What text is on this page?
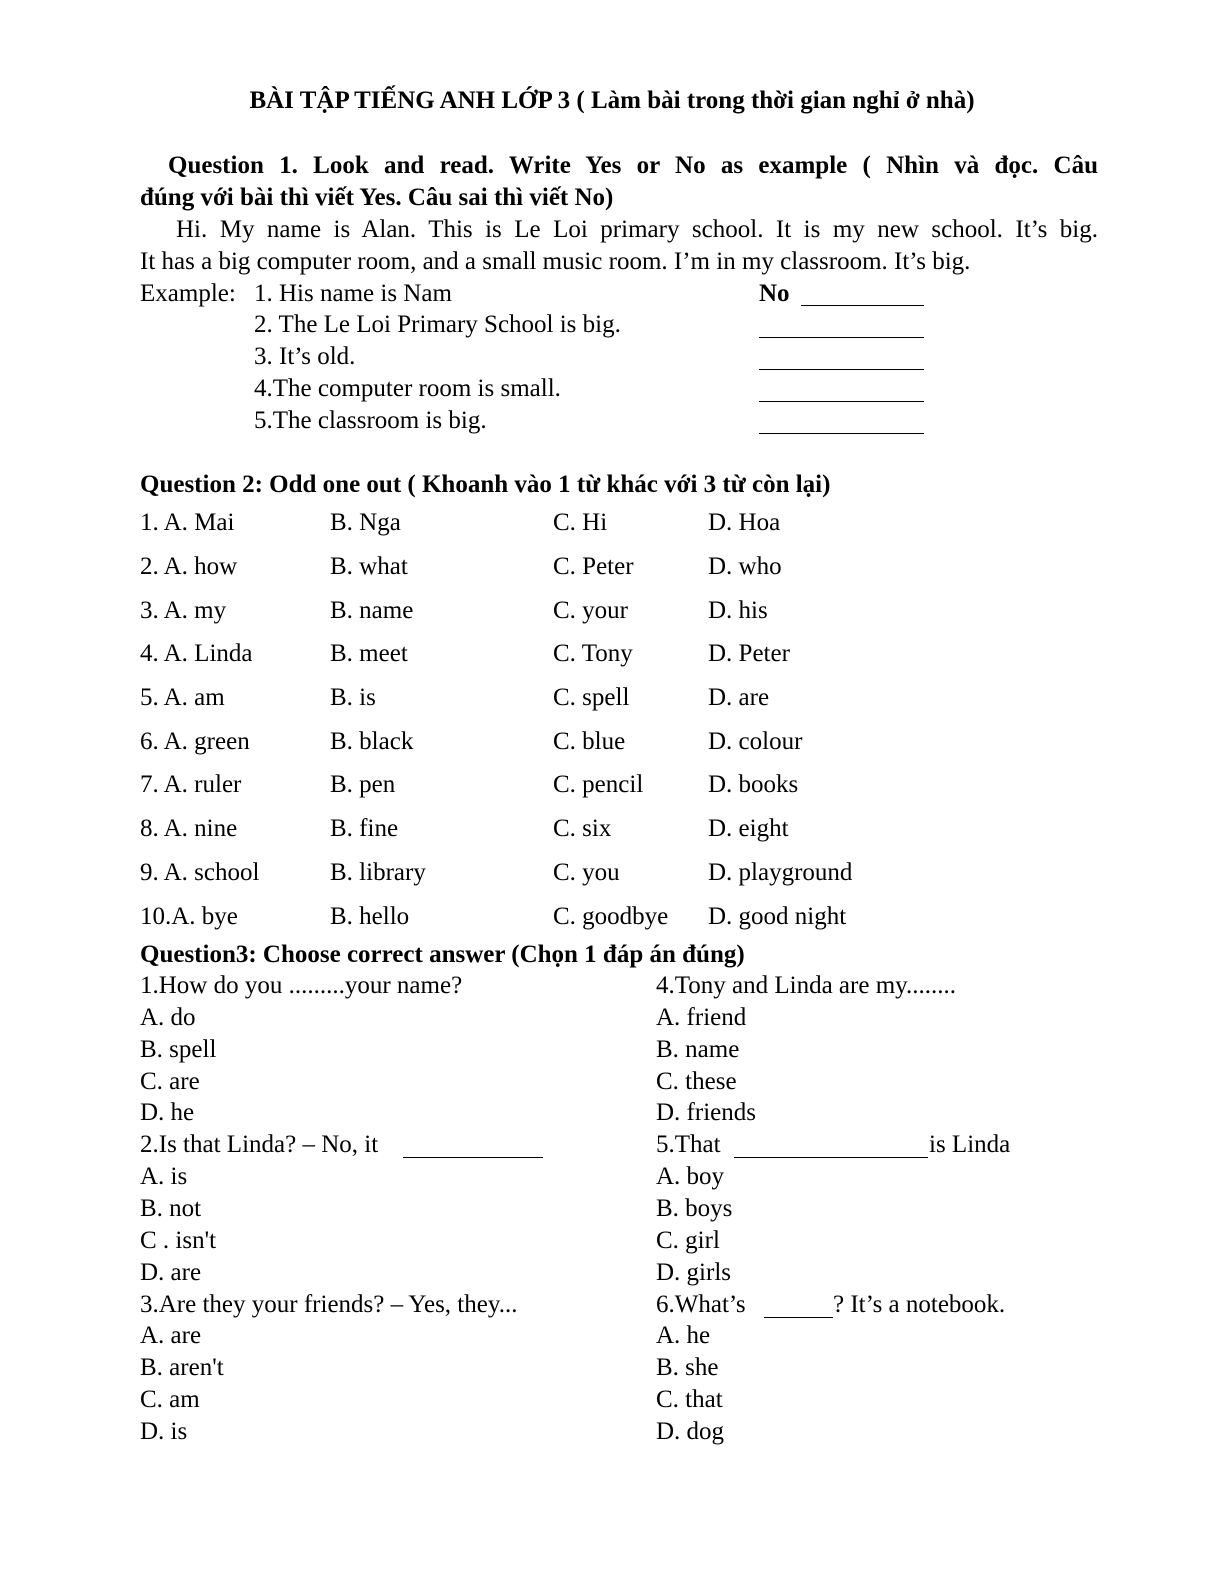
BÀI TẬP TIẾNG ANH LỚP 3 ( Làm bài trong thời gian nghỉ ở nhà)
Question 1. Look and read. Write Yes or No as example ( Nhìn và đọc. Câu
đúng với bài thì viết Yes. Câu sai thì viết No)
Hi. My name is Alan. This is Le Loi primary school. It is my new school. It’s big.
It has a big computer room, and a small music room. I’m in my classroom. It’s big.
Example: 1. His name is Nam	No
2. The Le Loi Primary School is big.
3. It’s old.
4.The computer room is small.
5.The classroom is big.
Question 2: Odd one out ( Khoanh vào 1 từ khác với 3 từ còn lại)
1. A. Mai	B. Nga	C. Hi	D. Hoa
2. A. how	B. what	C. Peter	D. who
3. A. my	B. name	C. your	D. his
4. A. Linda	B. meet	C. Tony	D. Peter
5. A. am	B. is	C. spell	D. are
6. A. green	B. black	C. blue	D. colour
7. A. ruler	B. pen	C. pencil	D. books
8. A. nine	B. fine	C. six	D. eight
9. A. school	B. library	C. you	D. playground
10.A. bye	B. hello	C. goodbye D. good night
Question3: Choose correct answer (Chọn 1 đáp án đúng)
1.How do you .........your name?
A. do
B. spell
C. are
D. he
2.Is that Linda? – No, it
A. is
B. not
C . isn't
D. are
3.Are they your friends? – Yes, they...
A. are
B. aren't
C. am
D. is
4.Tony and Linda are my........
A. friend
B. name
C. these
D. friends
5.That	is Linda
A. boy
B. boys
C. girl
D. girls
6.What’s	? It’s a notebook.
A. he
B. she
C. that
D. dog
